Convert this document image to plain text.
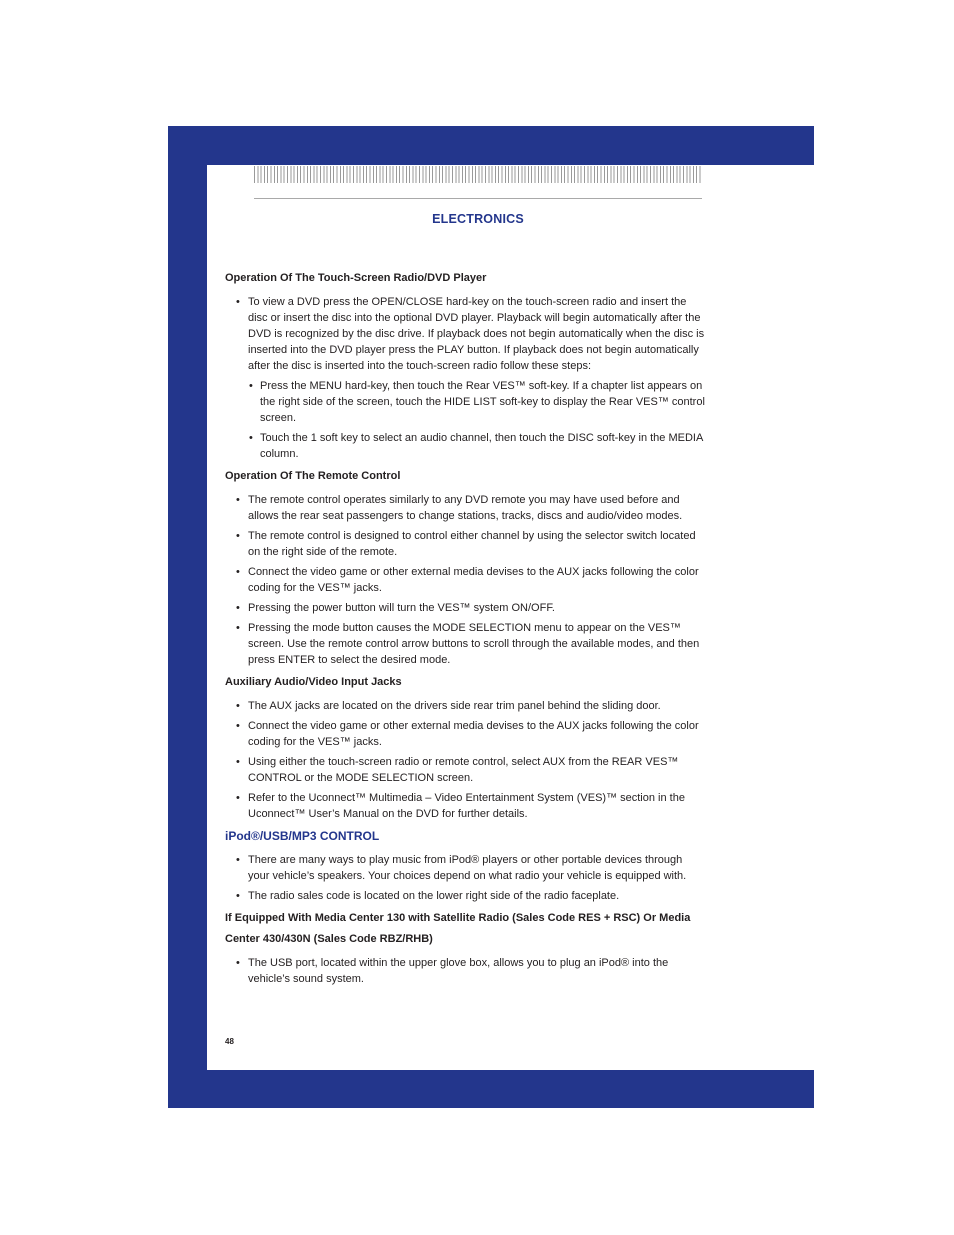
ELECTRONICS
Operation Of The Touch-Screen Radio/DVD Player
• To view a DVD press the OPEN/CLOSE hard-key on the touch-screen radio and insert the disc or insert the disc into the optional DVD player. Playback will begin automatically after the DVD is recognized by the disc drive. If playback does not begin automatically when the disc is inserted into the DVD player press the PLAY button. If playback does not begin automatically after the disc is inserted into the touch-screen radio follow these steps:
• Press the MENU hard-key, then touch the Rear VES™ soft-key. If a chapter list appears on the right side of the screen, touch the HIDE LIST soft-key to display the Rear VES™ control screen.
• Touch the 1 soft key to select an audio channel, then touch the DISC soft-key in the MEDIA column.
Operation Of The Remote Control
• The remote control operates similarly to any DVD remote you may have used before and allows the rear seat passengers to change stations, tracks, discs and audio/video modes.
• The remote control is designed to control either channel by using the selector switch located on the right side of the remote.
• Connect the video game or other external media devises to the AUX jacks following the color coding for the VES™ jacks.
• Pressing the power button will turn the VES™ system ON/OFF.
• Pressing the mode button causes the MODE SELECTION menu to appear on the VES™ screen. Use the remote control arrow buttons to scroll through the available modes, and then press ENTER to select the desired mode.
Auxiliary Audio/Video Input Jacks
• The AUX jacks are located on the drivers side rear trim panel behind the sliding door.
• Connect the video game or other external media devises to the AUX jacks following the color coding for the VES™ jacks.
• Using either the touch-screen radio or remote control, select AUX from the REAR VES™ CONTROL or the MODE SELECTION screen.
• Refer to the Uconnect™ Multimedia – Video Entertainment System (VES)™ section in the Uconnect™ User’s Manual on the DVD for further details.
iPod®/USB/MP3 CONTROL
• There are many ways to play music from iPod® players or other portable devices through your vehicle’s speakers. Your choices depend on what radio your vehicle is equipped with.
• The radio sales code is located on the lower right side of the radio faceplate.
If Equipped With Media Center 130 with Satellite Radio (Sales Code RES + RSC) Or Media Center 430/430N (Sales Code RBZ/RHB)
• The USB port, located within the upper glove box, allows you to plug an iPod® into the vehicle’s sound system.
48
